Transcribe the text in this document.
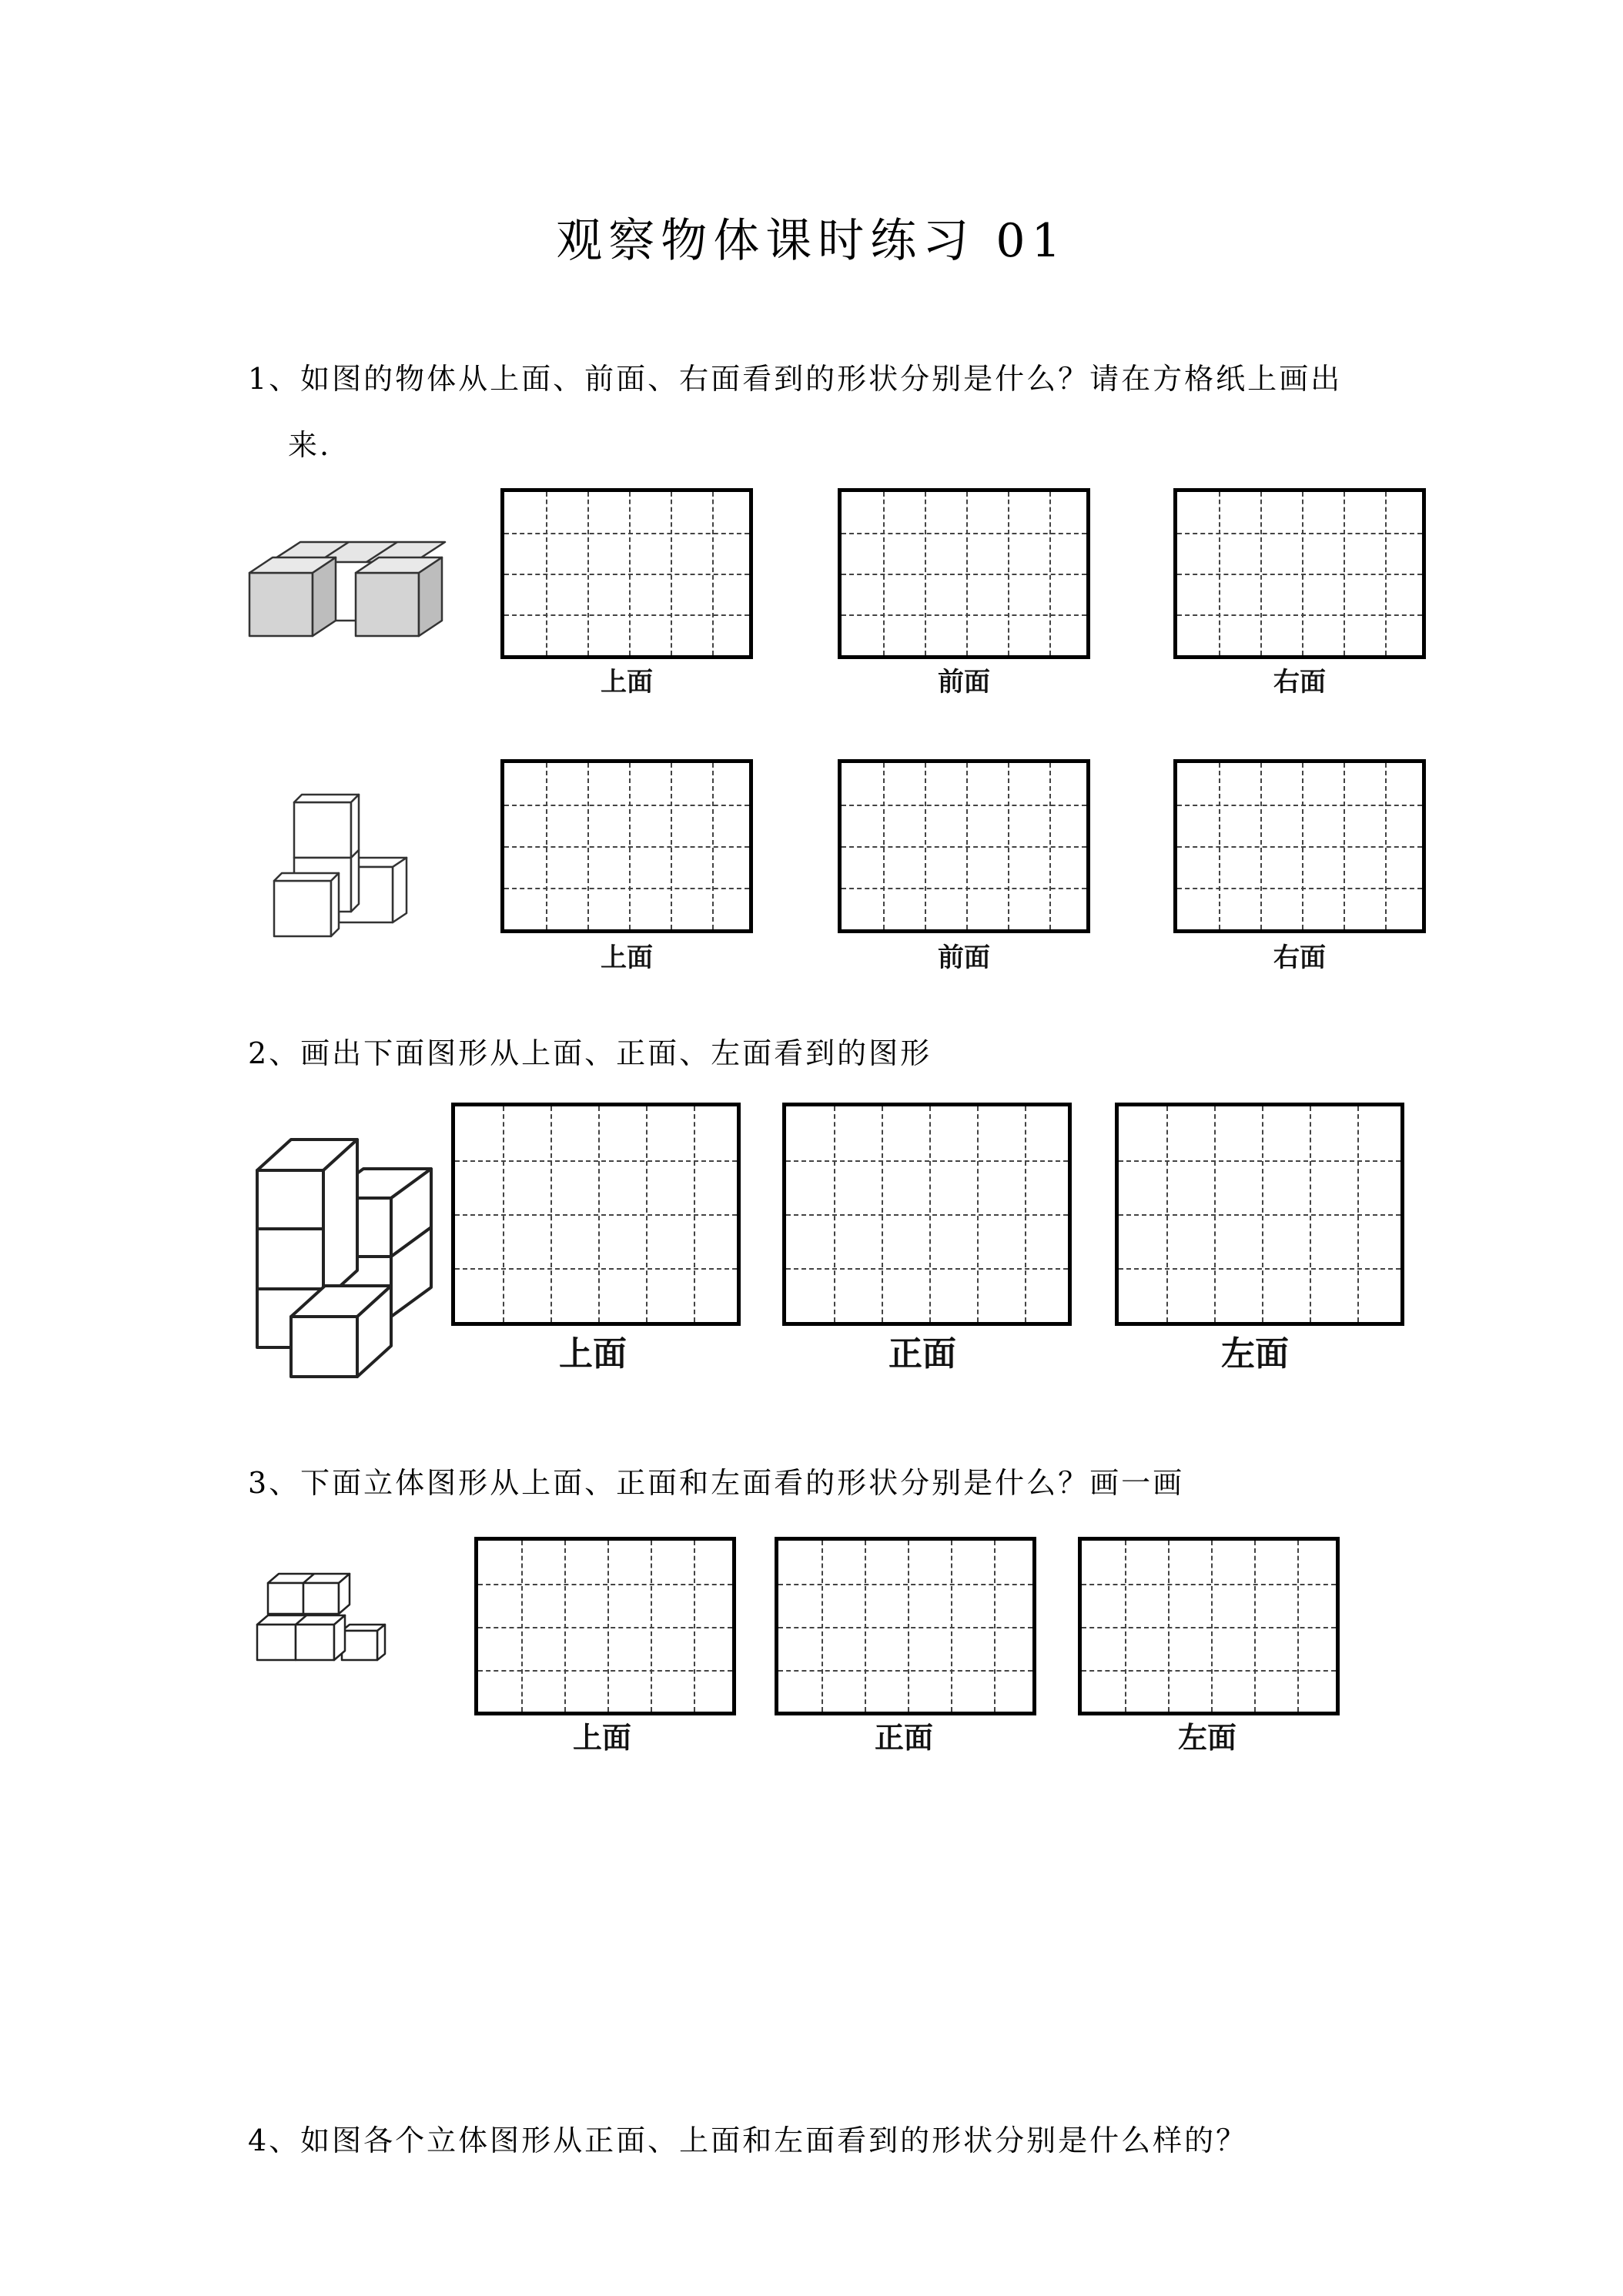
观察物体课时练习 01
1、如图的物体从上面、前面、右面看到的形状分别是什么？请在方格纸上画出
来.
上面	前面	右面
上面	前面	右面
2、画出下面图形从上面、正面、左面看到的图形
上面	正面	左面
3、下面立体图形从上面、正面和左面看的形状分别是什么？画一画
上面	正面	左面
4、如图各个立体图形从正面、上面和左面看到的形状分别是什么样的？
